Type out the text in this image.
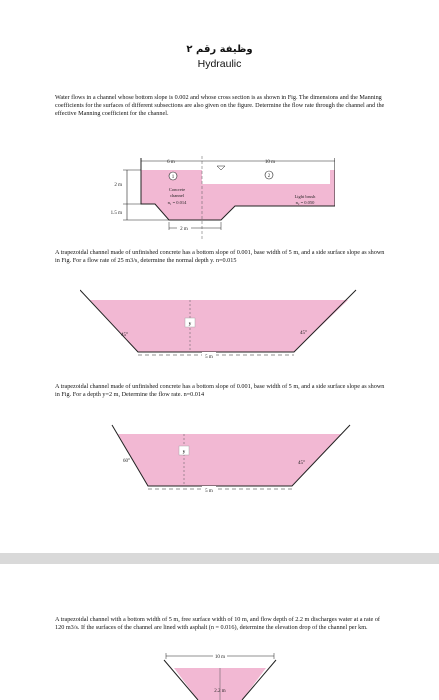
وظيفة رقم ٢
Hydraulic
Water flows in a channel whose bottom slope is 0.002 and whose cross section is as shown in Fig. The dimensions and the Manning coefficients for the surfaces of different subsections are also given on the figure. Determine the flow rate through the channel and the effective Manning coefficient for the channel.
6 m	10 m
2 m
1.5 m
1	2
Concrete
channel
n₁ = 0.014
Light brush
n₂ = 0.050
2 m
A trapezoidal channel made of unfinished concrete has a bottom slope of 0.001, base width of 5 m, and a side surface slope as shown in Fig. For a flow rate of 25 m3/s, determine the normal depth y. n=0.015
y
45°	45°
5 m
A trapezoidal channel made of unfinished concrete has a bottom slope of 0.001, base width of 5 m, and a side surface slope as shown in Fig. For a depth y=2 m, Determine the flow rate. n=0.014
y
60°	45°
5 m
A trapezoidal channel with a bottom width of 5 m, free surface width of 10 m, and flow depth of 2.2 m discharges water at a rate of 120 m3/s. If the surfaces of the channel are lined with asphalt (n = 0.016), determine the elevation drop of the channel per km.
10 m
2.2 m
